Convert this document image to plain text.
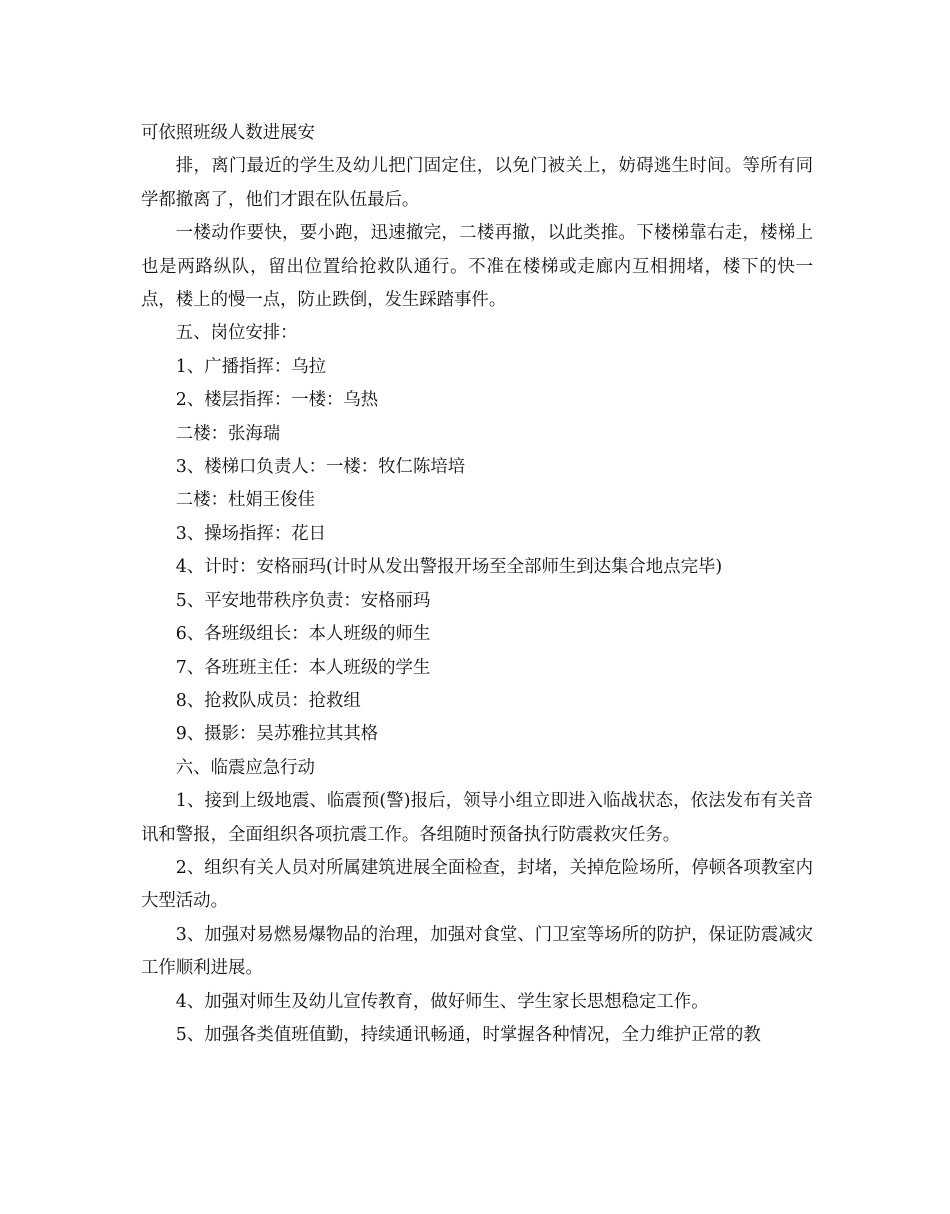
可依照班级人数进展安

排，离门最近的学生及幼儿把门固定住，以免门被关上，妨碍逃生时间。等所有同学都撤离了，他们才跟在队伍最后。

一楼动作要快，要小跑，迅速撤完，二楼再撤，以此类推。下楼梯靠右走，楼梯上也是两路纵队，留出位置给抢救队通行。不准在楼梯或走廊内互相拥堵，楼下的快一点，楼上的慢一点，防止跌倒，发生踩踏事件。

五、岗位安排：

1、广播指挥：乌拉

2、楼层指挥：一楼：乌热

二楼：张海瑞

3、楼梯口负责人：一楼：牧仁陈培培

二楼：杜娟王俊佳

3、操场指挥：花日

4、计时：安格丽玛(计时从发出警报开场至全部师生到达集合地点完毕)

5、平安地带秩序负责：安格丽玛

6、各班级组长：本人班级的师生

7、各班班主任：本人班级的学生

8、抢救队成员：抢救组

9、摄影：吴苏雅拉其其格

六、临震应急行动

1、接到上级地震、临震预(警)报后，领导小组立即进入临战状态，依法发布有关音讯和警报，全面组织各项抗震工作。各组随时预备执行防震救灾任务。

2、组织有关人员对所属建筑进展全面检查，封堵，关掉危险场所，停顿各项教室内大型活动。

3、加强对易燃易爆物品的治理，加强对食堂、门卫室等场所的防护，保证防震减灾工作顺利进展。

4、加强对师生及幼儿宣传教育，做好师生、学生家长思想稳定工作。

5、加强各类值班值勤，持续通讯畅通，时掌握各种情况，全力维护正常的教
